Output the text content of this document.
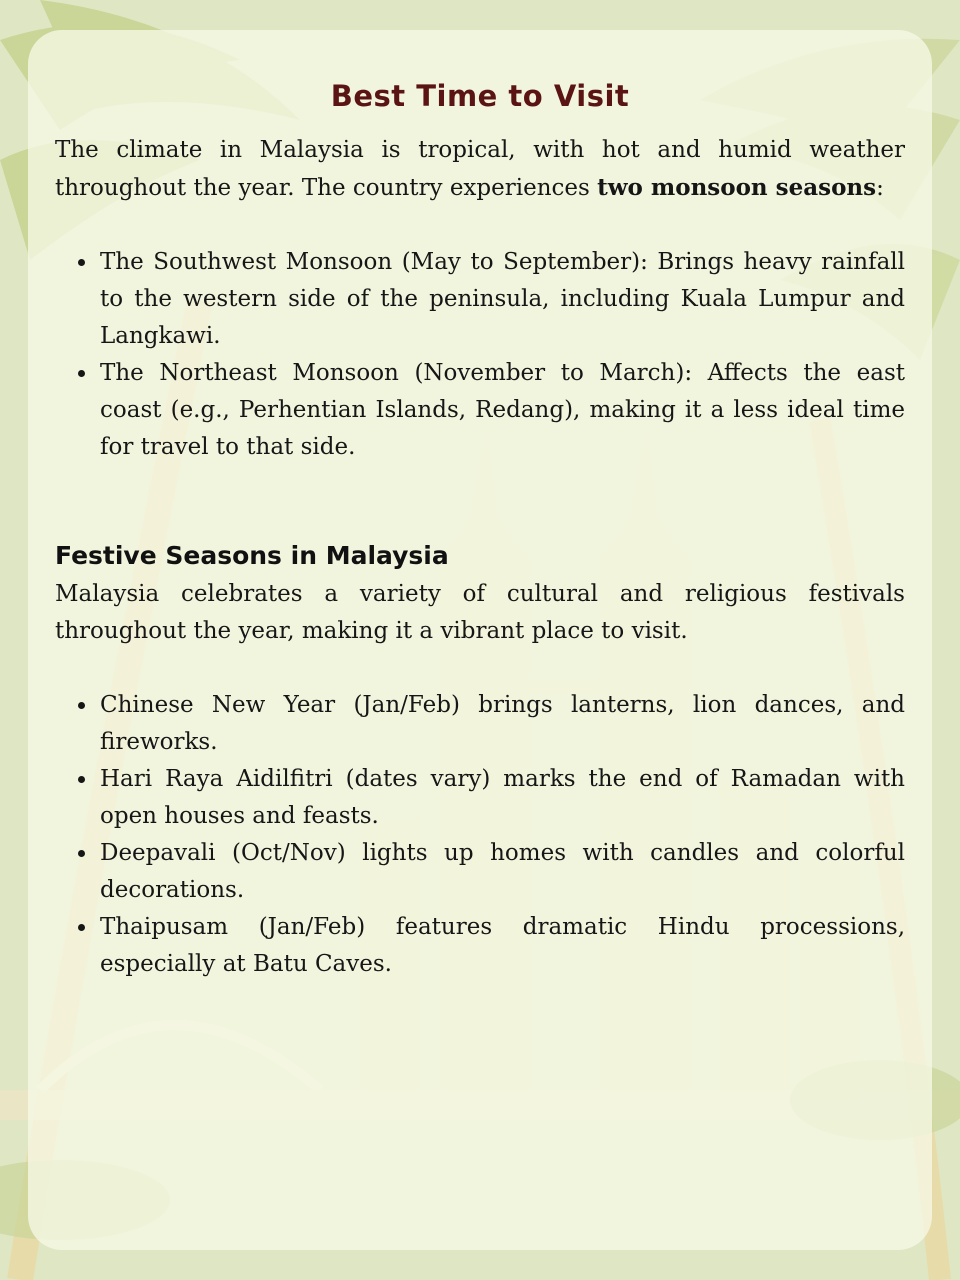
Best Time to Visit

The climate in Malaysia is tropical, with hot and humid weather throughout the year. The country experiences two monsoon seasons:

The Southwest Monsoon (May to September): Brings heavy rainfall to the western side of the peninsula, including Kuala Lumpur and Langkawi.
The Northeast Monsoon (November to March): Affects the east coast (e.g., Perhentian Islands, Redang), making it a less ideal time for travel to that side.
Festive Seasons in Malaysia

Malaysia celebrates a variety of cultural and religious festivals throughout the year, making it a vibrant place to visit.

Chinese New Year (Jan/Feb) brings lanterns, lion dances, and fireworks.
Hari Raya Aidilfitri (dates vary) marks the end of Ramadan with open houses and feasts.
Deepavali (Oct/Nov) lights up homes with candles and colorful decorations.
Thaipusam (Jan/Feb) features dramatic Hindu processions, especially at Batu Caves.
